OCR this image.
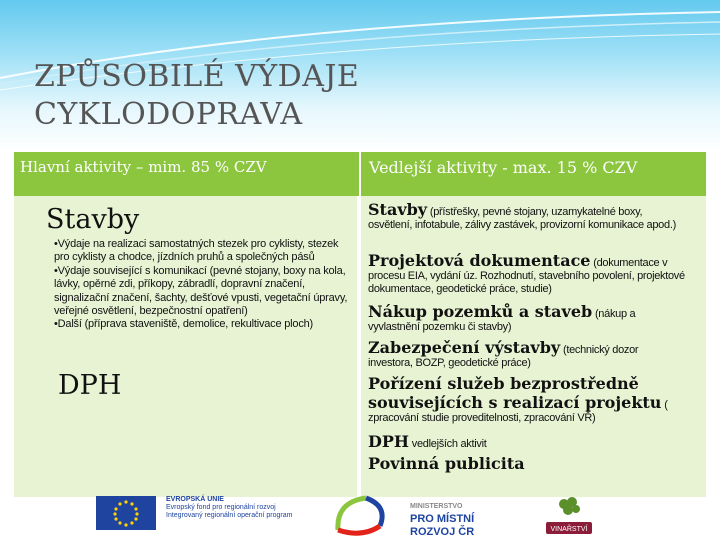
ZPŮSOBILÉ VÝDAJE
CYKLODOPRAVA
Hlavní aktivity – mim. 85 % CZV	Vedlejší aktivity - max. 15 % CZV
Stavby
•Výdaje na realizaci samostatných stezek pro cyklisty, stezek pro cyklisty a chodce, jízdních pruhů a společných pásů
•Výdaje související s komunikací (pevné stojany, boxy na kola, lávky, opěrné zdi, příkopy, zábradlí, dopravní značení, signalizační značení, šachty, dešťové vpusti, vegetační úpravy, veřejné osvětlení, bezpečnostní opatření)
•Další (příprava staveniště, demolice, rekultivace ploch)
DPH
Stavby (přístřešky, pevné stojany, uzamykatelné boxy,
osvětlení, infotabule, zálivy zastávek, provizorní komunikace apod.)
Projektová dokumentace (dokumentace v
procesu EIA, vydání úz. Rozhodnutí, stavebního povolení, projektové dokumentace, geodetické práce, studie)
Nákup pozemků a staveb (nákup a
vyvlastnění pozemku či stavby)
Zabezpečení výstavby (technický dozor
investora, BOZP, geodetické práce)
Pořízení služeb bezprostředně souvisejících s realizací projektu (
zpracování studie proveditelnosti, zpracování VŘ)
DPH vedlejších aktivit
Povinná publicita
EVROPSKÁ UNIE
Evropský fond pro regionální rozvoj
Integrovaný regionální operační program
MINISTERSTVO
PRO MÍSTNÍ
ROZVOJ ČR	VINAŘSTVÍ
